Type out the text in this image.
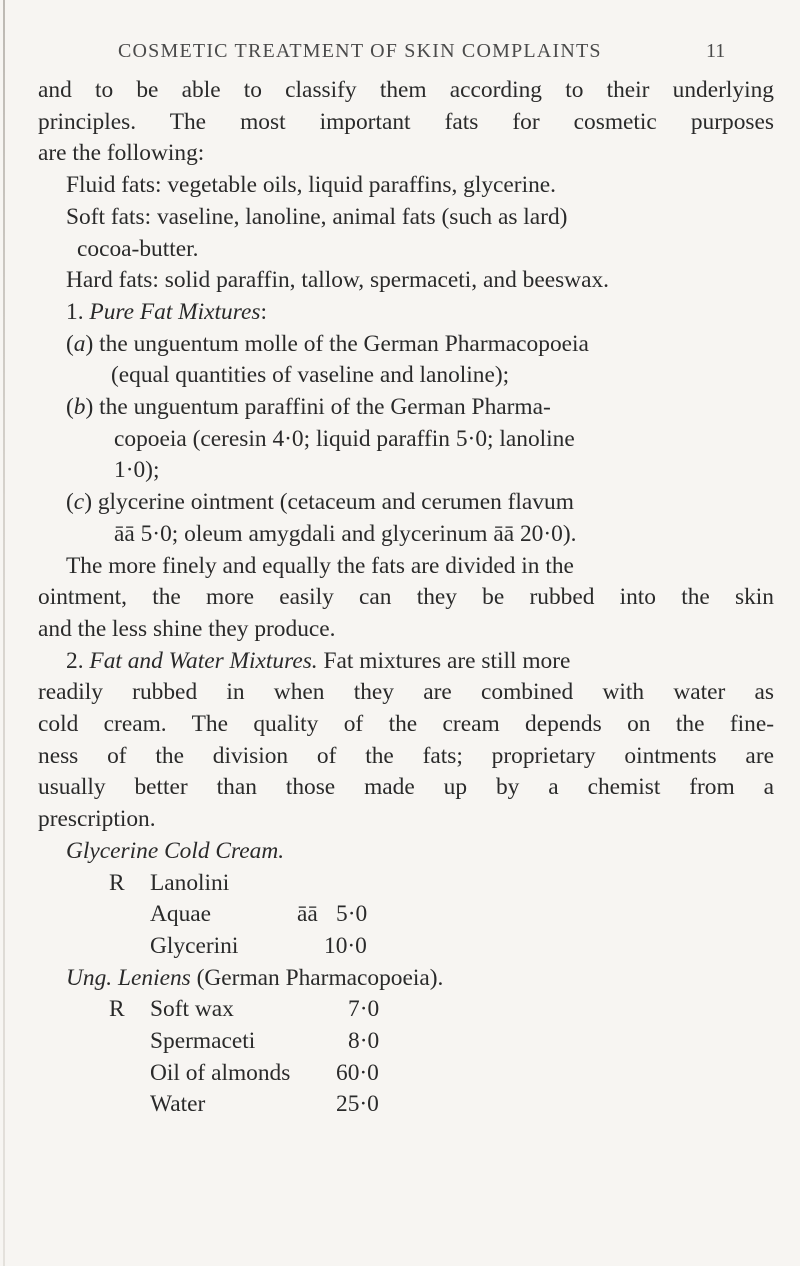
COSMETIC TREATMENT OF SKIN COMPLAINTS	11
and to be able to classify them according to their underlying
principles. The most important fats for cosmetic purposes
are the following:
Fluid fats: vegetable oils, liquid paraffins, glycerine.
Soft fats: vaseline, lanoline, animal fats (such as lard)
cocoa-butter.
Hard fats: solid paraffin, tallow, spermaceti, and beeswax.
1. Pure Fat Mixtures:
(a) the unguentum molle of the German Pharmacopoeia
(equal quantities of vaseline and lanoline);
(b) the unguentum paraffini of the German Pharma-
copoeia (ceresin 4·0; liquid paraffin 5·0; lanoline
1·0);
(c) glycerine ointment (cetaceum and cerumen flavum
āā 5·0; oleum amygdali and glycerinum āā 20·0).
The more finely and equally the fats are divided in the
ointment, the more easily can they be rubbed into the skin
and the less shine they produce.
2. Fat and Water Mixtures. Fat mixtures are still more
readily rubbed in when they are combined with water as
cold cream. The quality of the cream depends on the fine-
ness of the division of the fats; proprietary ointments are
usually better than those made up by a chemist from a
prescription.
Glycerine Cold Cream.
R Lanolini
Aquae	āā 5·0
Glycerini	10·0
Ung. Leniens (German Pharmacopoeia).
R Soft wax	7·0
Spermaceti	8·0
Oil of almonds 60·0
Water	25·0
